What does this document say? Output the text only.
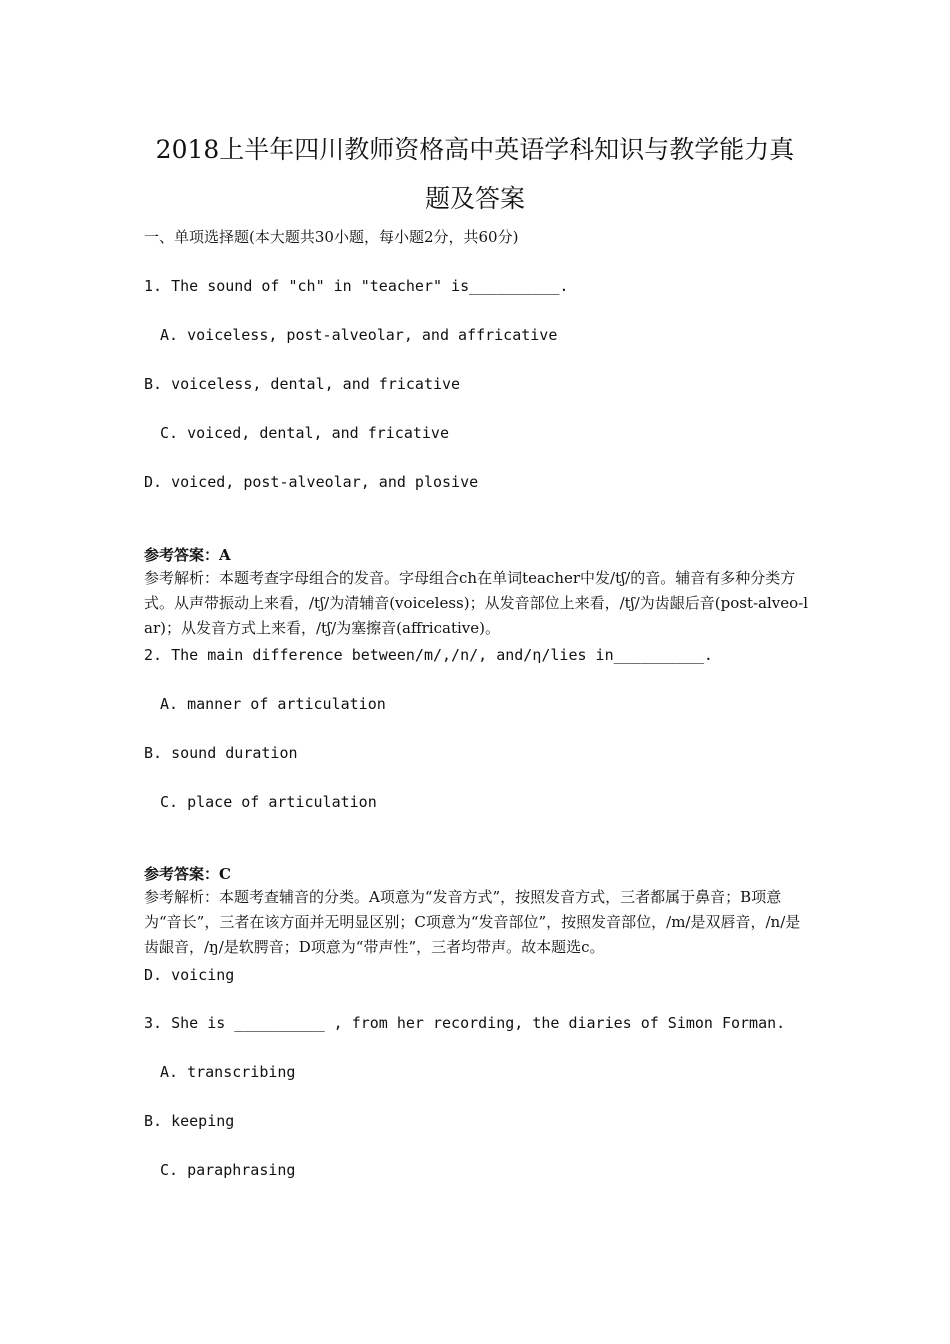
2018上半年四川教师资格高中英语学科知识与教学能力真
题及答案
一、单项选择题(本大题共30小题，每小题2分，共60分)
1. The sound of "ch" in "teacher" is__________.
A. voiceless, post-alveolar, and affricative
B. voiceless, dental, and fricative
C. voiced, dental, and fricative
D. voiced, post-alveolar, and plosive
参考答案：A
参考解析：本题考查字母组合的发音。字母组合ch在单词teacher中发/tʃ/的音。辅音有多种分类方式。从声带振动上来看，/tʃ/为清辅音(voiceless)；从发音部位上来看，/tʃ/为齿龈后音(post-alveo-lar)；从发音方式上来看，/tʃ/为塞擦音(affricative)。
2. The main difference between/m/,/n/, and/η/lies in__________.
A. manner of articulation
B. sound duration
C. place of articulation
参考答案：C
参考解析：本题考查辅音的分类。A项意为“发音方式”，按照发音方式，三者都属于鼻音；B项意为“音长”，三者在该方面并无明显区别；C项意为“发音部位”，按照发音部位，/m/是双唇音，/n/是齿龈音，/ŋ/是软腭音；D项意为“带声性”，三者均带声。故本题选c。
D. voicing
3. She is __________ , from her recording, the diaries of Simon Forman.
A. transcribing
B. keeping
C. paraphrasing
